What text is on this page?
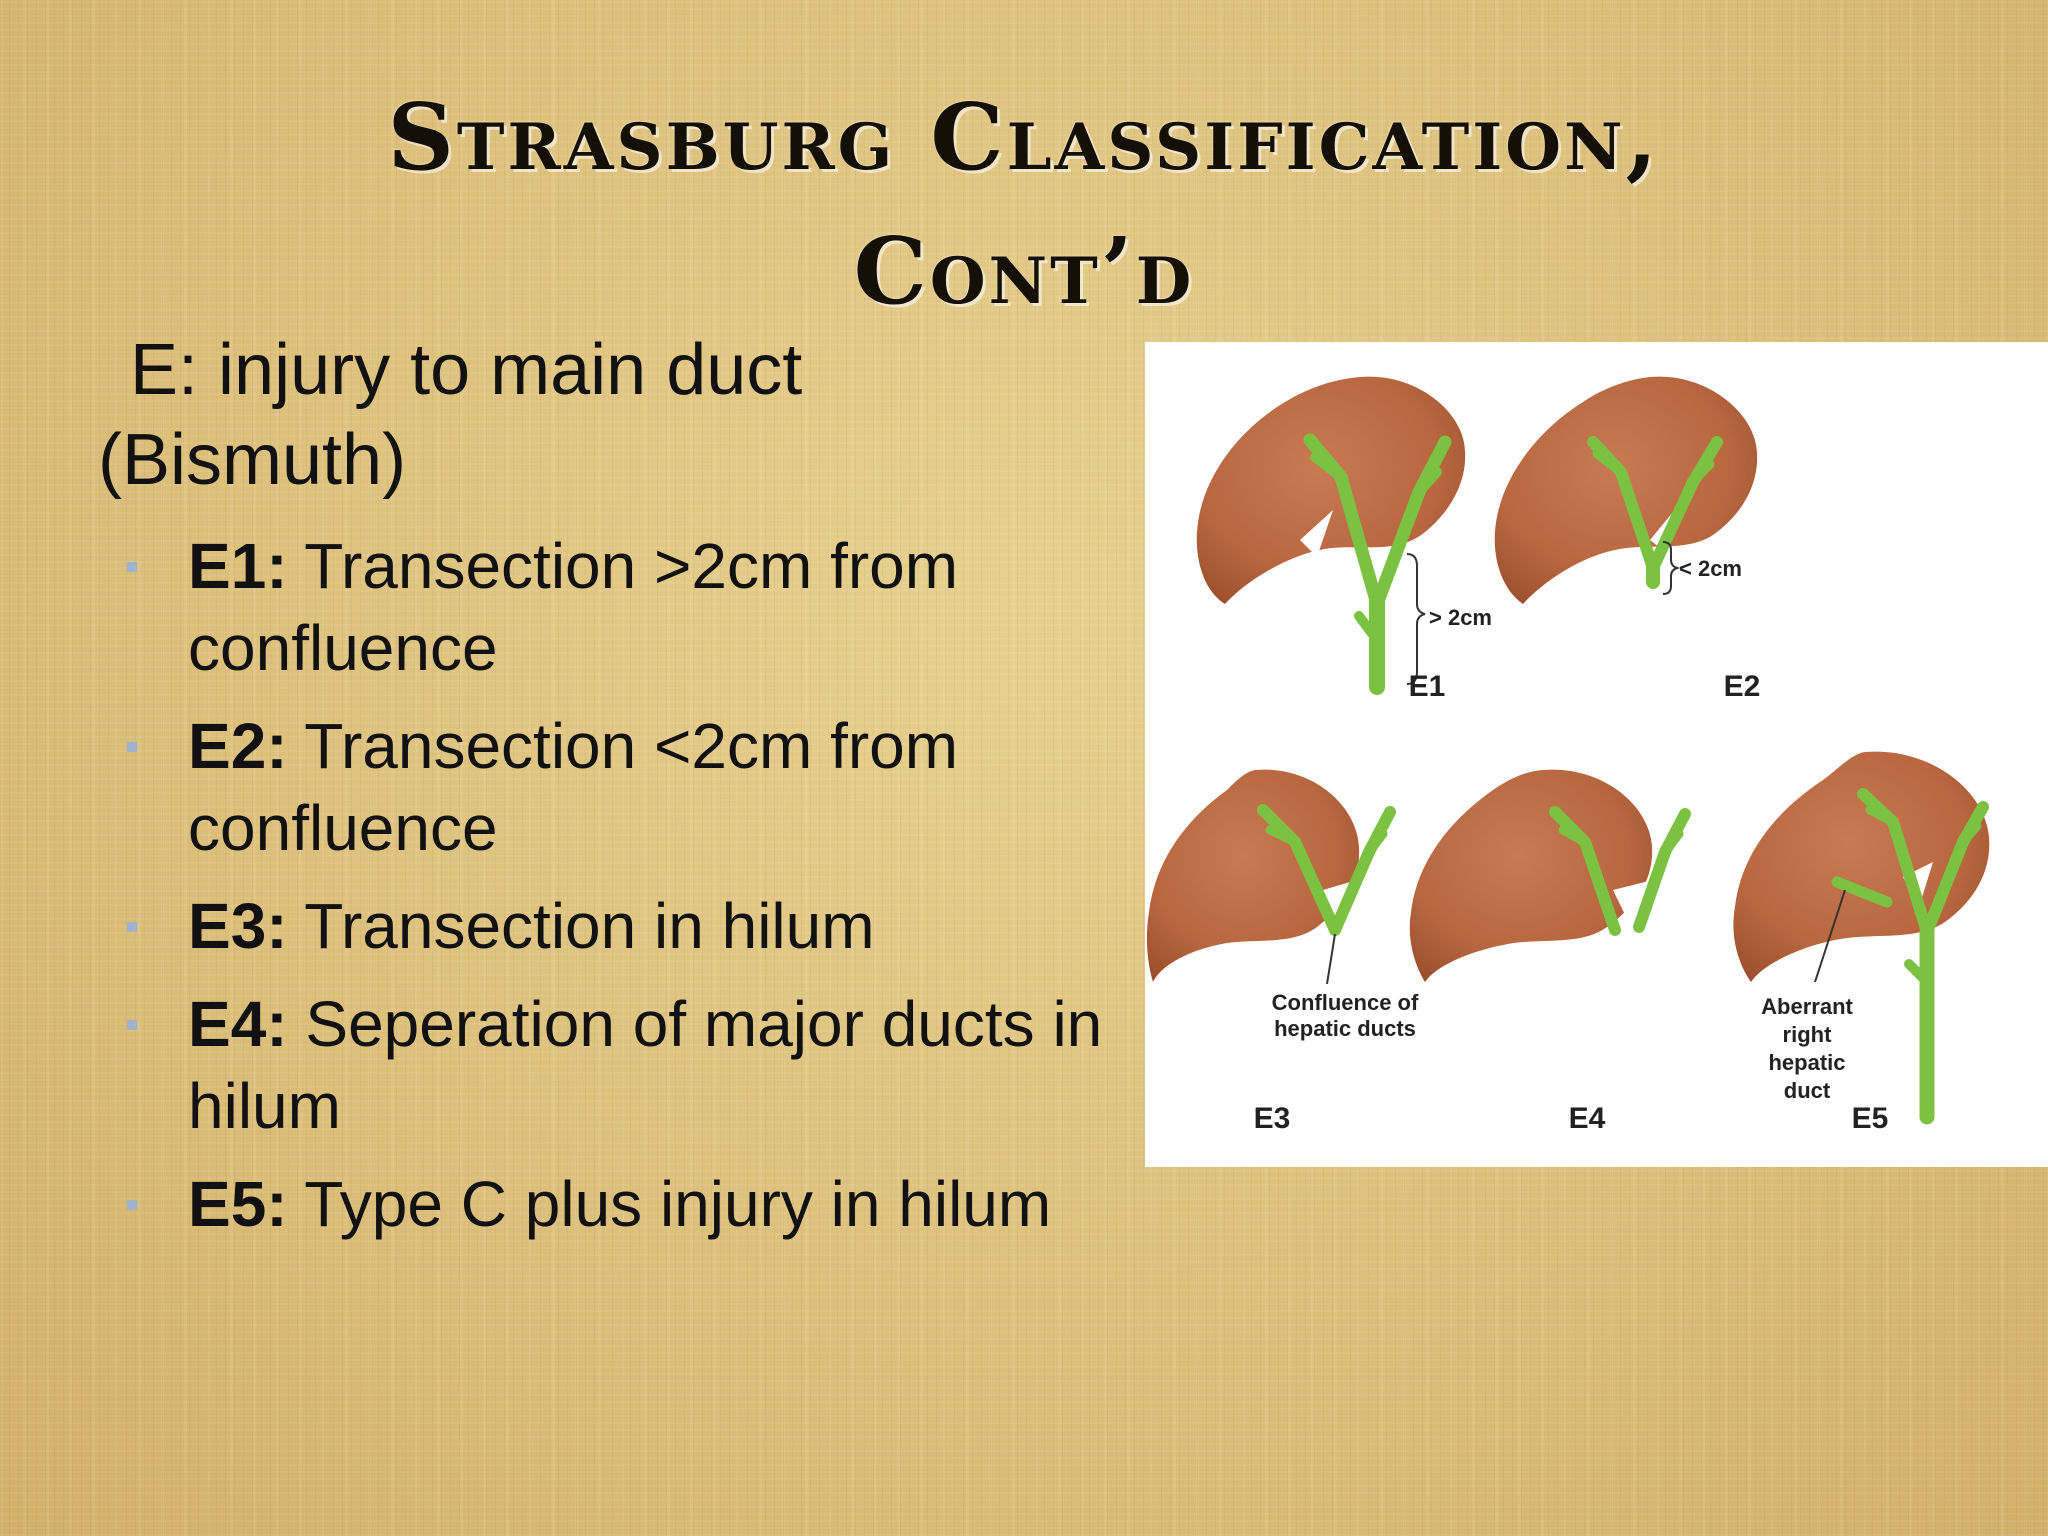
Strasburg Classification,
Cont’d
E: injury to main duct
(Bismuth)
E1: Transection >2cm from confluence
E2: Transection <2cm from confluence
E3: Transection in hilum
E4: Seperation of major ducts in hilum
E5: Type C plus injury in hilum
> 2cm
E1
< 2cm
E2
Confluence of
hepatic ducts
E3	E4
Aberrant
right
hepatic
duct
E5
